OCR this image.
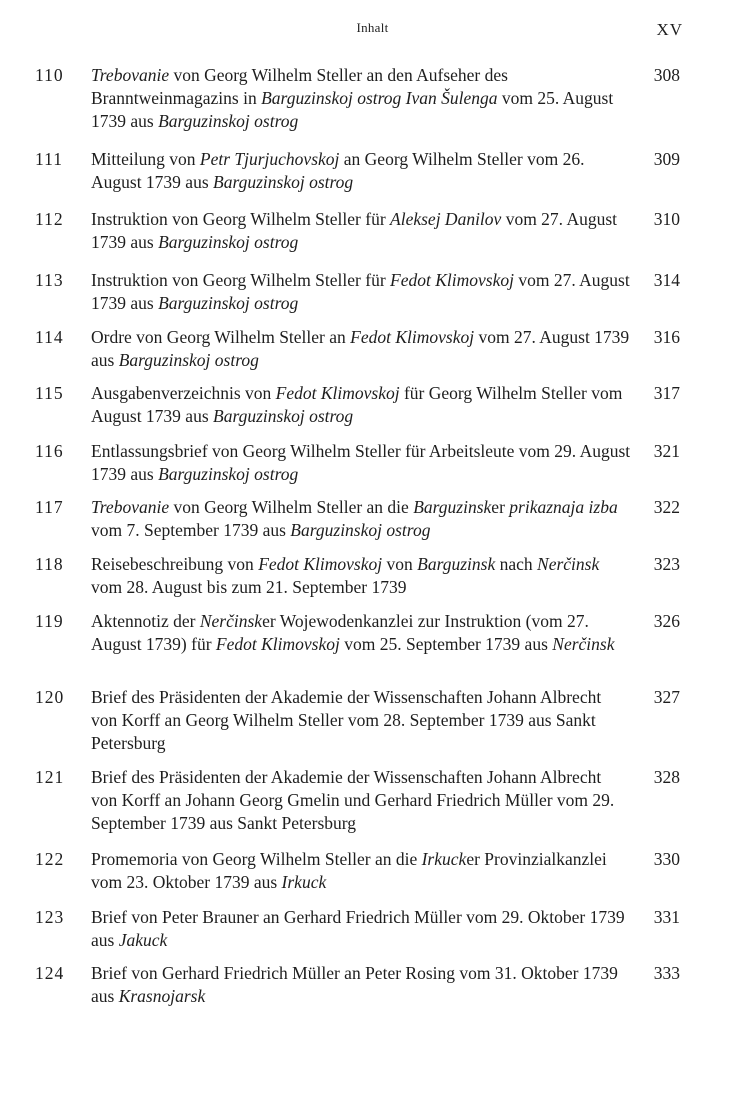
Inhalt	XV
110 Trebovanie von Georg Wilhelm Steller an den Aufseher des Branntweinmagazins in Barguzinskoj ostrog Ivan Šulenga vom 25. August 1739 aus Barguzinskoj ostrog
308
111 Mitteilung von Petr Tjurjuchovskoj an Georg Wilhelm Steller vom 26. August 1739 aus Barguzinskoj ostrog
309
112 Instruktion von Georg Wilhelm Steller für Aleksej Danilov vom 27. August 1739 aus Barguzinskoj ostrog
310
113 Instruktion von Georg Wilhelm Steller für Fedot Klimovskoj vom 27. August 1739 aus Barguzinskoj ostrog
314
114 Ordre von Georg Wilhelm Steller an Fedot Klimovskoj vom 27. August 1739 aus Barguzinskoj ostrog
316
115 Ausgabenverzeichnis von Fedot Klimovskoj für Georg Wilhelm Steller vom August 1739 aus Barguzinskoj ostrog
317
116 Entlassungsbrief von Georg Wilhelm Steller für Arbeitsleute vom 29. August 1739 aus Barguzinskoj ostrog
321
117 Trebovanie von Georg Wilhelm Steller an die Barguzinsker prikaznaja izba vom 7. September 1739 aus Barguzinskoj ostrog
322
118 Reisebeschreibung von Fedot Klimovskoj von Barguzinsk nach Nerčinsk vom 28. August bis zum 21. September 1739
323
119 Aktennotiz der Nerčinsker Wojewodenkanzlei zur Instruktion (vom 27. August 1739) für Fedot Klimovskoj vom 25. September 1739 aus Nerčinsk
326
120 Brief des Präsidenten der Akademie der Wissenschaften Johann Albrecht von Korff an Georg Wilhelm Steller vom 28. September 1739 aus Sankt Petersburg
327
121 Brief des Präsidenten der Akademie der Wissenschaften Johann Albrecht von Korff an Johann Georg Gmelin und Gerhard Friedrich Müller vom 29. September 1739 aus Sankt Petersburg
328
122 Promemoria von Georg Wilhelm Steller an die Irkucker Provinzialkanzlei vom 23. Oktober 1739 aus Irkuck
330
123 Brief von Peter Brauner an Gerhard Friedrich Müller vom 29. Oktober 1739 aus Jakuck
331
124 Brief von Gerhard Friedrich Müller an Peter Rosing vom 31. Oktober 1739 aus Krasnojarsk
333
